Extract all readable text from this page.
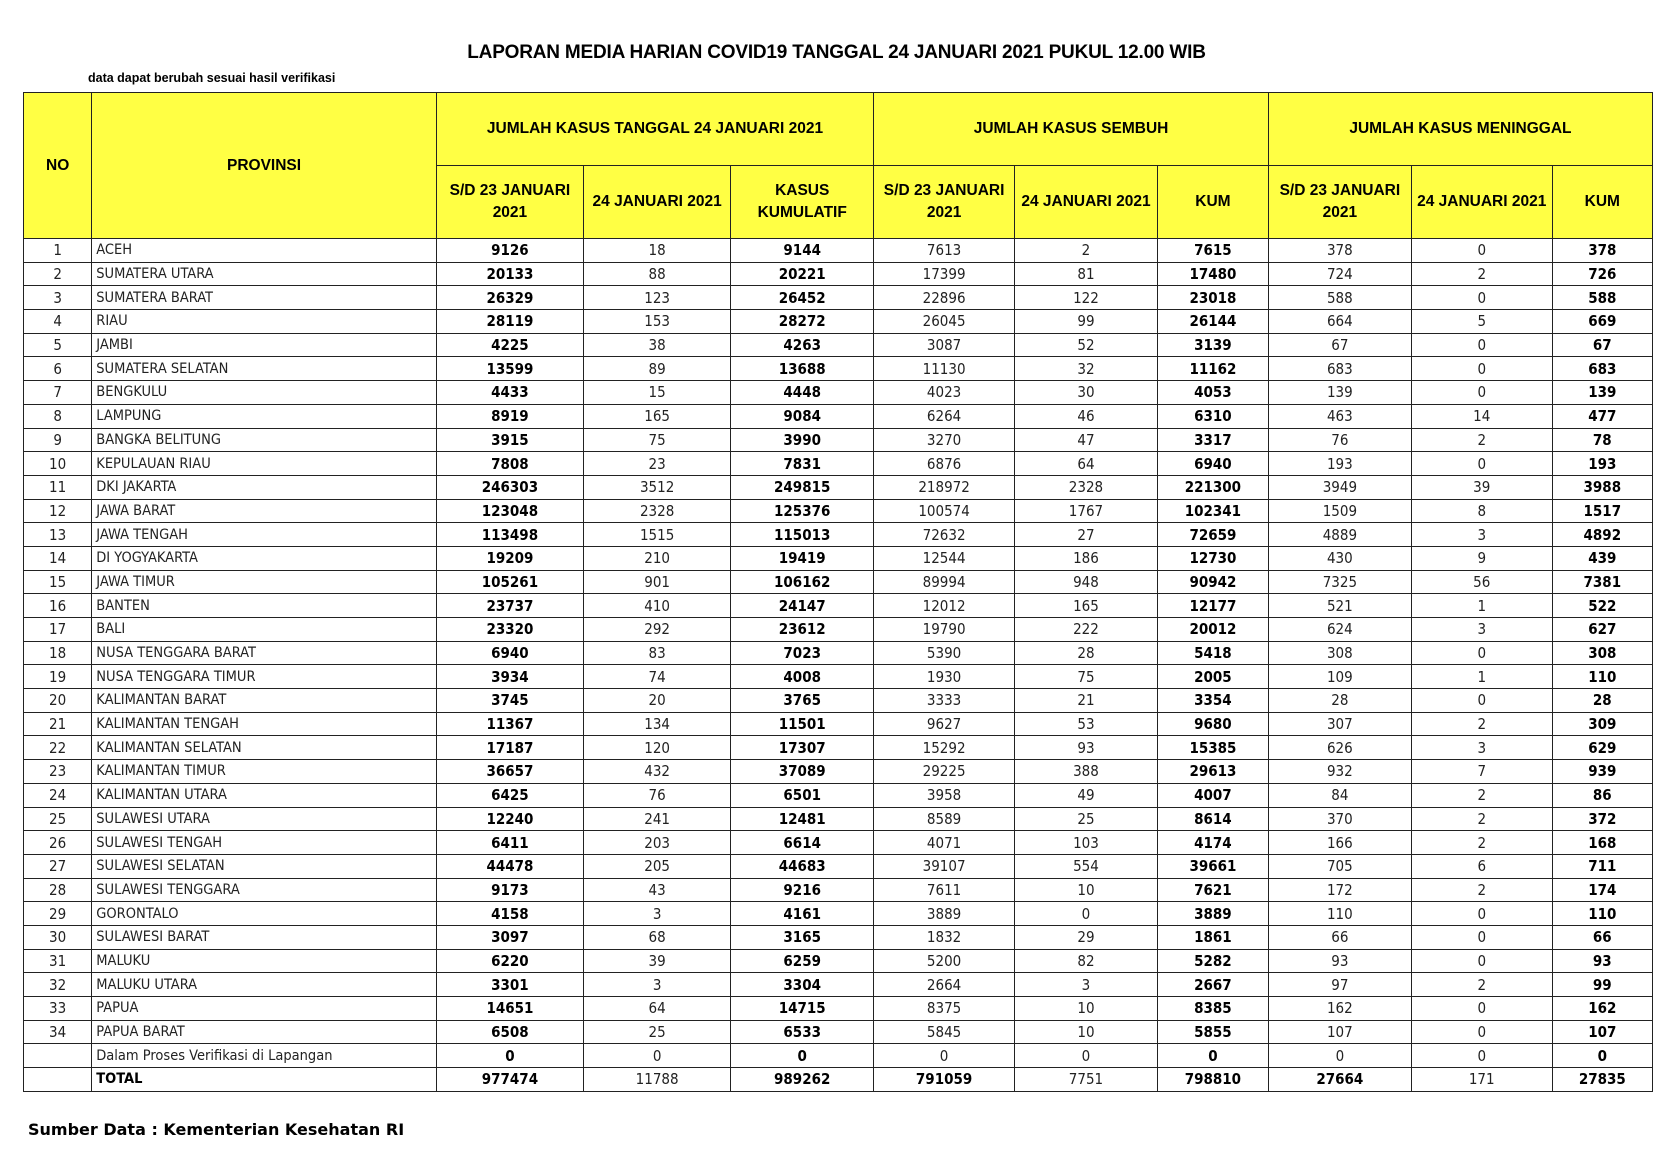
LAPORAN MEDIA HARIAN COVID19 TANGGAL 24 JANUARI 2021 PUKUL 12.00 WIB
data dapat berubah sesuai hasil verifikasi
NO	PROVINSI	JUMLAH KASUS TANGGAL 24 JANUARI 2021			JUMLAH KASUS SEMBUH			JUMLAH KASUS MENINGGAL		
		S/D 23 JANUARI 2021	24 JANUARI 2021	KASUS KUMULATIF	S/D 23 JANUARI 2021	24 JANUARI 2021	KUM	S/D 23 JANUARI 2021	24 JANUARI 2021	KUM
1	ACEH	9126	18	9144	7613	2	7615	378	0	378
2	SUMATERA UTARA	20133	88	20221	17399	81	17480	724	2	726
3	SUMATERA BARAT	26329	123	26452	22896	122	23018	588	0	588
4	RIAU	28119	153	28272	26045	99	26144	664	5	669
5	JAMBI	4225	38	4263	3087	52	3139	67	0	67
6	SUMATERA SELATAN	13599	89	13688	11130	32	11162	683	0	683
7	BENGKULU	4433	15	4448	4023	30	4053	139	0	139
8	LAMPUNG	8919	165	9084	6264	46	6310	463	14	477
9	BANGKA BELITUNG	3915	75	3990	3270	47	3317	76	2	78
10	KEPULAUAN RIAU	7808	23	7831	6876	64	6940	193	0	193
11	DKI JAKARTA	246303	3512	249815	218972	2328	221300	3949	39	3988
12	JAWA BARAT	123048	2328	125376	100574	1767	102341	1509	8	1517
13	JAWA TENGAH	113498	1515	115013	72632	27	72659	4889	3	4892
14	DI YOGYAKARTA	19209	210	19419	12544	186	12730	430	9	439
15	JAWA TIMUR	105261	901	106162	89994	948	90942	7325	56	7381
16	BANTEN	23737	410	24147	12012	165	12177	521	1	522
17	BALI	23320	292	23612	19790	222	20012	624	3	627
18	NUSA TENGGARA BARAT	6940	83	7023	5390	28	5418	308	0	308
19	NUSA TENGGARA TIMUR	3934	74	4008	1930	75	2005	109	1	110
20	KALIMANTAN BARAT	3745	20	3765	3333	21	3354	28	0	28
21	KALIMANTAN TENGAH	11367	134	11501	9627	53	9680	307	2	309
22	KALIMANTAN SELATAN	17187	120	17307	15292	93	15385	626	3	629
23	KALIMANTAN TIMUR	36657	432	37089	29225	388	29613	932	7	939
24	KALIMANTAN UTARA	6425	76	6501	3958	49	4007	84	2	86
25	SULAWESI UTARA	12240	241	12481	8589	25	8614	370	2	372
26	SULAWESI TENGAH	6411	203	6614	4071	103	4174	166	2	168
27	SULAWESI SELATAN	44478	205	44683	39107	554	39661	705	6	711
28	SULAWESI TENGGARA	9173	43	9216	7611	10	7621	172	2	174
29	GORONTALO	4158	3	4161	3889	0	3889	110	0	110
30	SULAWESI BARAT	3097	68	3165	1832	29	1861	66	0	66
31	MALUKU	6220	39	6259	5200	82	5282	93	0	93
32	MALUKU UTARA	3301	3	3304	2664	3	2667	97	2	99
33	PAPUA	14651	64	14715	8375	10	8385	162	0	162
34	PAPUA BARAT	6508	25	6533	5845	10	5855	107	0	107
	Dalam Proses Verifikasi di Lapangan	0	0	0	0	0	0	0	0	0
	TOTAL	977474	11788	989262	791059	7751	798810	27664	171	27835
Sumber Data : Kementerian Kesehatan RI
